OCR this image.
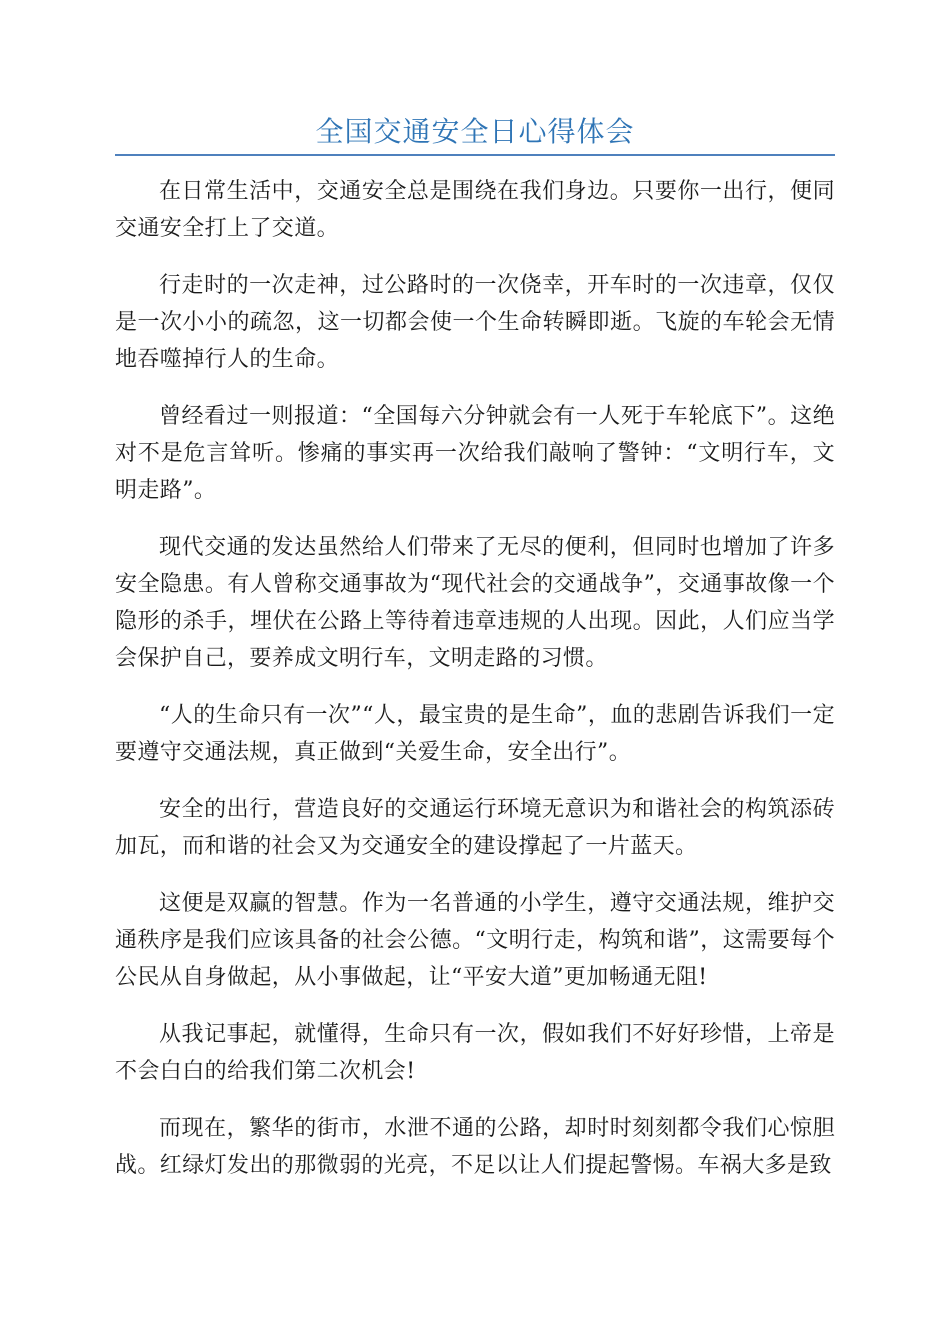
全国交通安全日心得体会

在日常生活中，交通安全总是围绕在我们身边。只要你一出行，便同交通安全打上了交道。

行走时的一次走神，过公路时的一次侥幸，开车时的一次违章，仅仅是一次小小的疏忽，这一切都会使一个生命转瞬即逝。飞旋的车轮会无情地吞噬掉行人的生命。

曾经看过一则报道：“全国每六分钟就会有一人死于车轮底下”。这绝对不是危言耸听。惨痛的事实再一次给我们敲响了警钟：“文明行车，文明走路”。

现代交通的发达虽然给人们带来了无尽的便利，但同时也增加了许多安全隐患。有人曾称交通事故为“现代社会的交通战争”，交通事故像一个隐形的杀手，埋伏在公路上等待着违章违规的人出现。因此，人们应当学会保护自己，要养成文明行车，文明走路的习惯。

“人的生命只有一次”“人，最宝贵的是生命”，血的悲剧告诉我们一定要遵守交通法规，真正做到“关爱生命，安全出行”。

安全的出行，营造良好的交通运行环境无意识为和谐社会的构筑添砖加瓦，而和谐的社会又为交通安全的建设撑起了一片蓝天。

这便是双赢的智慧。作为一名普通的小学生，遵守交通法规，维护交通秩序是我们应该具备的社会公德。“文明行走，构筑和谐”，这需要每个公民从自身做起，从小事做起，让“平安大道”更加畅通无阻!

从我记事起，就懂得，生命只有一次，假如我们不好好珍惜，上帝是不会白白的给我们第二次机会!

而现在，繁华的街市，水泄不通的公路，却时时刻刻都令我们心惊胆战。红绿灯发出的那微弱的光亮，不足以让人们提起警惕。车祸大多是致
